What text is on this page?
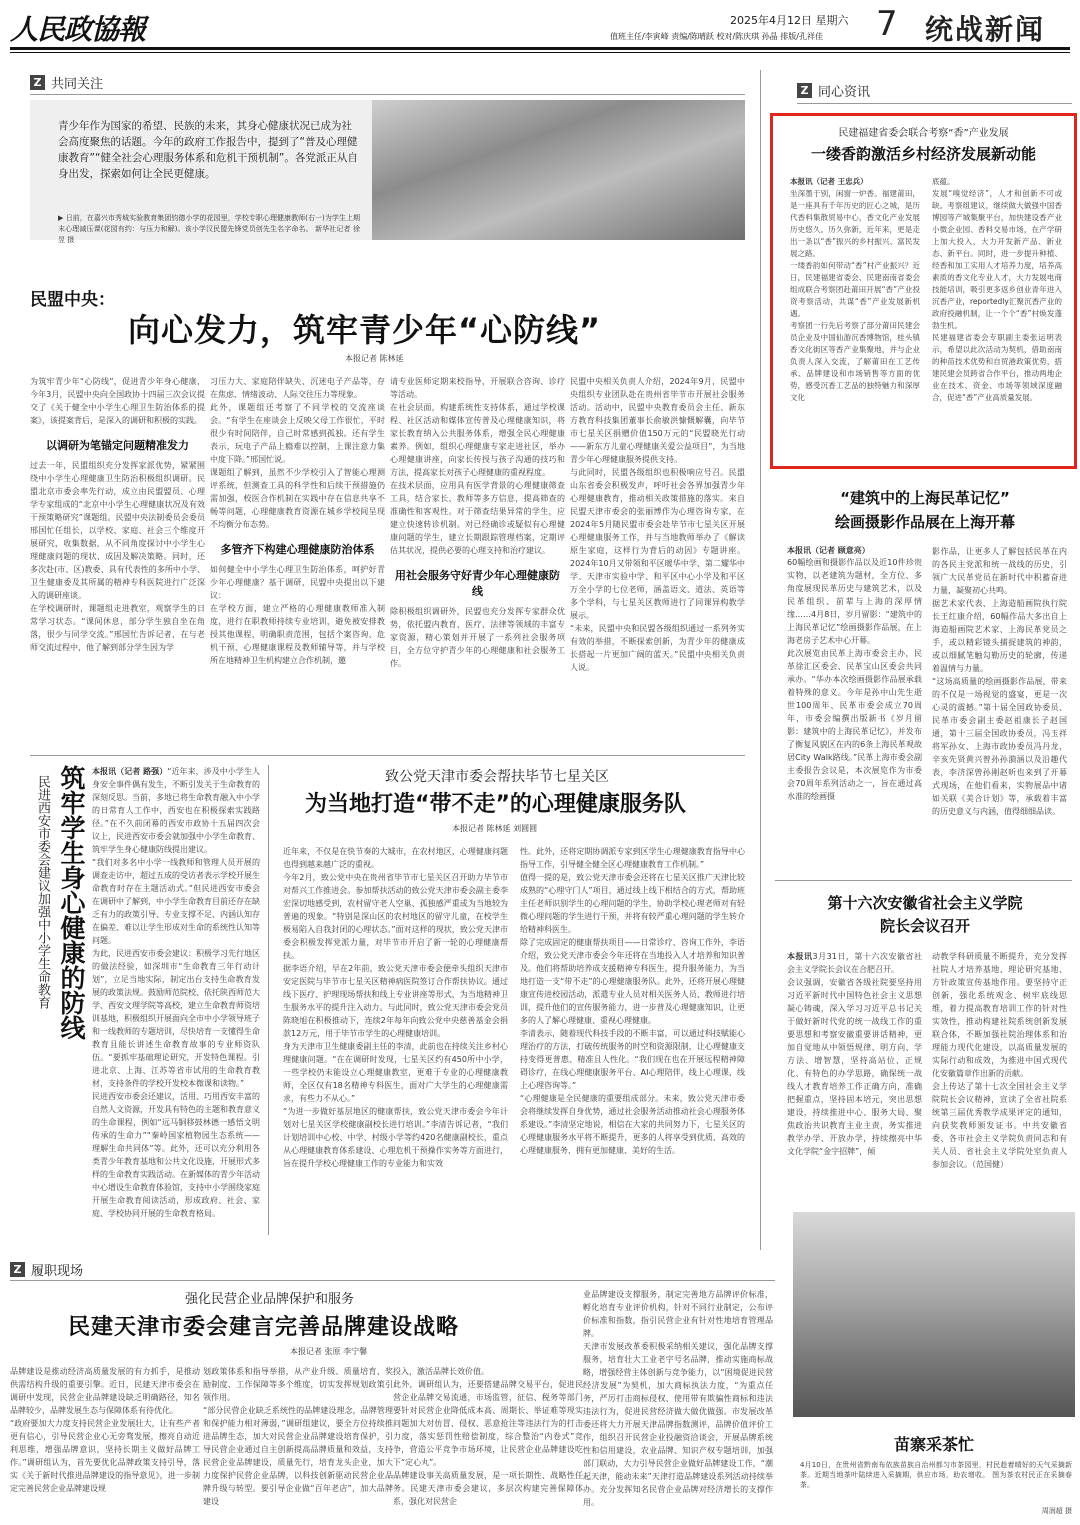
人民政協報	2025年4月12日 星期六
值班主任/李寅峰 责编/陈晴跃 校对/陈庆琪 孙晶 排版/孔祥佳 7 统战新闻
Z 共同关注
青少年作为国家的希望、民族的未来，其身心健康状况已成为社会高度聚焦的话题。今年的政府工作报告中，提到了“普及心理健康教育”“健全社会心理服务体系和危机干预机制”。各党派正从自身出发，探索如何让全民更健康。
▶ 日前，在嘉兴市秀城实验教育集团钧德小学的花园里，学校专职心理健康教师(右一)为学生上期末心理减压课(花园有约：与压力和解)。该小学汉民盟先锋党员创先生名字命名。 新华社记者 徐昱 摄
民盟中央：
向心发力，筑牢青少年“心防线”
本报记者 陈林延
为筑牢青少年“心防线”，促进青少年身心健康，今年3月，民盟中央向全国政协十四届三次会议提交了《关于健全中小学生心理卫生防治体系的提案》，该提案背后，是深入的调研和积极的实践。
以调研为笔锚定问题精准发力
过去一年，民盟组织充分发挥家派优势，紧紧围绕中小学生心理健康卫生防治积极组织调研。民盟北京市委会率先行动，成立由民盟盟员、心理学专家组成的“北京中小学生心理健康状况及有效干预策略研究”课题组。民盟中央法制委员会委员邢国忙任组长，以学校、家庭、社会三个维度开展研究，收集数据，从不同角度探讨中小学生心理健康问题的现状、成因及解决策略。同时，还多次赴(市、区)教委、具有代表性的多所中小学、卫生健康委及其所属的精神专科医院进行广泛深入的调研座谈。
在学校调研时，课题组走进教室，观察学生的日常学习状态。“课间休息，部分学生独自坐在角落，很少与同学交流。”邢国忙告诉记者，在与老师交流过程中，他了解到部分学生因为学
习压力大、家庭陪伴缺失、沉迷电子产品等，存在焦虑、情绪波动、人际交往压力等现象。
此外，课题组还考察了不同学校的交流座谈会。“有学生在座谈会上反映父母工作很忙，平时很少有时间陪伴，自己时常感到孤独。还有学生表示，玩电子产品上瘾难以控制，上课注意力集中度下降。”邢国忙说。
课题组了解到，虽然不少学校引入了智能心理测评系统，但测查工具的科学性和后续干预措施仍需加强，校医合作机制在实践中存在信息共享不畅等问题，心理健康教育资源在城乡学校间呈现不均衡分布态势。
多管齐下构建心理健康防治体系
如何健全中小学生心理卫生防治体系，呵护好青少年心理健康？基于调研，民盟中央提出以下建议：
在学校方面，建立严格的心理健康教师准入制度，进行在职教师持续专业培训，避免被安排教授其他课程，明确职责范围，包括个案咨询、危机干预、心理健康课程及教师辅导等，并与学校所在地精神卫生机构建立合作机制，邀
请专业医师定期来校指导，开展联合咨询、诊疗等活动。
在社会层面，构建系统性支持体系，通过学校课程、社区活动和媒体宣传普及心理健康知识，将家长教育纳入公共服务体系，增强全民心理健康素养。例如，组织心理健康专家走进社区，举办心理健康讲座，向家长传授与孩子沟通的技巧和方法，提高家长对孩子心理健康的重视程度。
在技术层面，应用具有医学背景的心理健康筛查工具，结合家长、教师等多方信息，提高筛查的准确性和客观性。对于筛查结果异常的学生，应建立快速转诊机制。对已经确诊或疑似有心理健康问题的学生，建立长期跟踪管理档案，定期评估其状况，提供必要的心理支持和治疗建议。
用社会服务守好青少年心理健康防线
除积极组织调研外，民盟也充分发挥专家群众优势，依托盟内教育、医疗、法律等领域的丰富专家资源，精心策划并开展了一系列社会服务项目，全方位守护青少年的心理健康和社会服务工作。
民盟中央相关负责人介绍，2024年9月，民盟中央组织专业团队赴在贵州省毕节市开展社会服务活动。活动中，民盟中央教育委员会主任、新东方教育科技集团董事长俞敏洪慷慨解囊，向毕节市七星关区捐赠价值150万元的“民盟晓光行动——新东方儿童心理健康关爱公益项目”，为当地青少年心理健康服务提供支持。
与此同时，民盟各级组织也积极响应号召。民盟山东省委会积极发声，呼吁社会各界加强青少年心理健康教育，推动相关政策措施的落实。来自民盟天津市委会的张丽博作为心理咨询专家，在2024年5月随民盟市委会赴毕节市七星关区开展心理健康服务工作，并与当地教师举办了《解读原生家庭，这样行为背后的动因》专题讲座。2024年10月又带领和平区暖华中学、第二耀华中学、天津市实验中学、和平区中心小学及和平区万全小学的七位老师，涵盖语文、道法、英语等多个学科，与七星关区教师进行了同课异构教学展示。
“未来，民盟中央和民盟各级组织通过一系列务实有效的举措，不断探索创新，为青少年的健康成长搭起一片更加广阔的蓝天。”民盟中央相关负责人说。
民进西安市委会建议加强中小学生命教育 筑牢学生身心健康的防线 本报讯（记者 路强）“近年来，涉及中小学生人身安全事件偶有发生，不断引发关于生命教育的深刻反思。当前，多地已将生命教育融入中小学的日常育人工作中，西安也在积极探索实践路径。”在不久前闭幕的西安市政协十五届四次会议上，民进西安市委会就加强中小学生命教育、筑牢学生身心健康防线提出建议。
“我们对多名中小学一线教师和管理人员开展的调查走访中，超过五成的受访者表示学校开展生命教育时存在主题活动式。”但民进西安市委会在调研中了解到，中小学生命教育目前还存在缺乏有力的政策引导、专业支撑不足、内涵认知存在偏差、难以让学生形成对生命的系统性认知等问题。
为此，民进西安市委会建议：积极学习先行地区的做法经验，如深圳市“生命教育三年行动计划”，立足当地实际，制定出台支持生命教育发展的政策法规。鼓励师范院校、依托陕西师范大学、西安文理学院等高校，建立生命教育师资培训基地，积极组织开展面向全市中小学领导班子和一线教师的专题培训，尽快培育一支懂得生命教育且能长讲述生命教育故事的专业师资队伍。“要抓牢基础理论研究，开发特色课程。引进北京、上海、江苏等省市试用的生命教育教材，支持条件的学校开发校本微课和读物。”
民进西安市委会还建议，活用、巧用西安丰富的自然人文资源，开发具有特色的主题和教育意义的生命课程，例如“远马铜移鼓林德一感悟文明传承的生命力”“秦岭国家植物园生态系统——理解生命共同体”等。此外，还可以充分利用各类青少年教育基地和公共文化设施，开展形式多样的生命教育实践活动。在新媒体的青少年活动中心增设生命教育体验馆，支持中小学围绕家庭开展生命教育阅读活动，形成政府、社会、家庭、学校协同开展的生命教育格局。
致公党天津市委会帮扶毕节七星关区
为当地打造“带不走”的心理健康服务队
本报记者 陈林延 刘圆圆
近年来，不仅是在快节奏的大城市，在农村地区，心理健康问题也得到越来越广泛的重视。
今年2月，致公党中央在贵州省毕节市七星关区召开助力毕节市对帮兴工作推进会。参加帮扶活动的致公党天津市委会副主委李宏深切地感受到，农村留守老人空巢、孤独感严重或为当地较为普遍的现象。“特别是深山区的农村地区的留守儿童，在校学生极易陷入自我封闭的心理状态。”面对这样的现状，致公党天津市委会积极发挥党派力量，对毕节市开启了新一轮的心理健康帮扶。
据李语介绍，早在2年前，致公党天津市委会便牵头组织天津市安定医院与毕节市七星关区精神病医院签订合作帮扶协议。通过线下医疗、护理现场帮扶和线上专业讲座等形式，为当地精神卫生服务水平的提升注入动力。与此同时，致公党天津市委会党员陈晓旭在积极推动下，连续2年每年向致公党中央慈善基金会捐款12万元，用于毕节市学生的心理健康培训。
身为天津市卫生健康委副主任的李清，此前也在持续关注乡村心理健康问题。“在在调研时发现，七星关区约有450所中小学，一些学校仍未能设立心理健康教室，更难于专业的心理健康教师，全区仅有18名精神专科医生，面对广大学生的心理健康需求，有些力不从心。”
“为进一步做好基层地区的健康帮扶，致公党天津市委会今年计划对七星关区学校健康副校长进行培训。”李清告诉记者，“我们计划培训中心校、中学、村级小学等约420名健康副校长，重点从心理健康教育体系建设、心理危机干预操作实务等方面进行，旨在提升学校心理健康工作的专业能力和实效
性。此外，还将定期协调派专家到区学生心理健康教育指导中心指导工作，引导健全健全区心理健康教育工作机制。”
值得一提的是，致公党天津市委会还将在七星关区推广天津比较成熟的“心理守门人”项目，通过线上线下相结合的方式，帮助班主任老师识别学生的心理问题的学生，协助学校心理老师对有轻微心理问题的学生进行干预，并将有较严重心理问题的学生转介给精神科医生。
除了完成固定的健康帮扶项目——日常诊疗、咨询工作外，李语介绍，致公党天津市委会今年还将在当地投入人才培养和知识普及。他们将帮助培养成支援精神专科医生，提升服务能力，为当地打造一支“带不走”的心理健康服务队。此外，还将开展心理健康宣传进校园活动，派遣专业人员对相关医务人员、教师进行培训，提升他们的宣传服务能力，进一步普及心理健康知识，让更多的人了解心理健康、重视心理健康。
李清表示，随着现代科技手段的不断丰富，可以通过科技赋能心理治疗的方法，打破传统服务的时空和资源限制，让心理健康支持变得更普惠、精准且人性化。“我们现在也在开展远程精神障碍诊疗，在线心理健康服务平台、AI心理陪伴，线上心理课，线上心理咨询等。”
“心理健康是全民健康的重要组成部分。未来，致公党天津市委会将继续发挥自身优势，通过社会服务活动推动社会心理服务体系建设。”李清坚定地说，相信在大家的共同努力下，七星关区的心理健康服务水平将不断提升，更多的人将享受到优质、高效的心理健康服务，拥有更加健康、美好的生活。
Z 履职现场
强化民营企业品牌保护和服务
民建天津市委会建言完善品牌建设战略
本报记者 张原 李宁馨
品牌建设是推动经济高质量发展的有力抓手，是推动供需结构升级的重要引擎。近日，民建天津市委会在调研中发现，民营企业品牌建设缺乏明确路径，知名品牌较少，品牌发展生态与保障体系有待优化。
“政府要加大力度支持民营企业发展壮大，让有些产者更有信心，引导民营企业心无旁骛发展，擦亮自动近利思维，增强品牌意识，坚持长期主义做好品牌工作。”调研组认为，首先要优化品牌政策支持引导，落实《关于新时代推进品牌建设的指导意见》，进一步制定完善民营企业品牌建设规
划政策体系和指导举措，从产业升级、质量培育、奖励制度、工作保障等多个维度，切实发挥规划政策引领作用。
“部分民营企业缺乏系统性的品牌建设理念，品牌管理和保护能力相对薄弱，”调研组建议，要全方位持续推进品牌生态，加大对民营企业品牌建设培育保护，引导民营企业通过自主创新提高品牌质量和效益，支持民营企业品牌建设，质量先行，培育龙头企业，加大力度保护民营企业品牌，以科技创新驱动民营企业品牌升级与转型。要引导企业做“百年老店”，加大品牌建设
投入，激活品牌长效价值。
此外，调研组认为，还要搭建品牌交易平台，促进民营企业品牌交易流通，市场监管，征信、税务等部门要针对民营企业降低成本高、周期长、举证难等现实问题加大对仿冒、侵权、恶意抢注等违法行为的打击力度，落实惩罚性赔偿制度，综合整治“内卷式”竞争，营造公平竞争市场环境，让民营企业品牌建设吃下“定心丸”。
品牌建设事关高质量发展，是一项长期性、战略性任务。民建天津市委会建议，多层次构建完善保障体系，强化对民营企
业品牌建设支撑服务，制定完善地方品牌评价标准，孵化培育专业评价机构，针对不同行业制定，公布评价标准和指数，指引民营企业有针对性地培育管理品牌。
天津市发展改革委积极采纳相关建议，强化品牌支撑服务，培育壮大工业老字号名品牌，推动实施商标战略，增强经营主体创新与竞争能力，以“困境促进民营经济发展”为契机，加大商标执法力度，“为重点任务，严厉打击商标侵权、使用带有欺骗性商标和违法违法行为，促进民营经济做大做优做强。市发展改革委还将大力开展天津品牌指数测评，品牌价值评价工作，组织召开民营企业投融资洽谈会，开展品牌系统性和信用建设，农业品牌、知识产权专题培训，加强部门联动，大力引导民营企业做好品牌建设工作，“潮起天津，能动未来”天津打造品牌建设系列活动持续举办。充分发挥知名民营企业品牌对经济增长的支撑作用。
Z 同心资讯
民建福建省委会联合考察“香”产业发展
一缕香韵激活乡村经济发展新动能
本报讯（记者 王忠兵）
坐深墨于别，闲窗一炉香。福建莆田，是一座具有千年历史的匠心之城，是历代香料集散贸易中心，香文化产业发展历史悠久。历久弥新，近年来，更是走出一条以“香”振兴的乡村振兴、富民发展之路。
一缕香韵如何带动“香”村产业振兴？近日，民建福建省委会、民建南南省委会组成联合考察团赴莆田开展“香”产业投资考察活动，共谋“香”产业发展新机遇。
考察团一行先后考察了部分莆田民建会员企业及中国仙游沉香博物馆，桂头镇香文化街区等香产业集聚地，并与企业负责人深入交流，了解莆田在工艺传承、品牌建设和市场销售等方面的优势，感受沉香工艺品的独特魅力和深厚文化
底蕴。
发展“嗅觉经济”，人才和创新不可或缺。考察组建议，继续做大做强中国香博园等产城集聚平台，加快建设香产业小微企业园、香料交易市场，在产学研上加大投入，大力开发新产品、新业态、新平台。同时，进一步提升种植、经香和加工实用人才培养力度，培养高素质的香文化专业人才，大力发展电商技能培训，吸引更多返乡创业青年进入沉香产业，reportedly汇聚沉香产业的政府投融机制，让一个个“香”村焕发蓬勃生机。
民建福建省委会专职副主委张运明表示，希望以此次活动为契机，借助南南的种苗技术优势和自贸港政策优势，搭建民建会员跨省合作平台，推动两地企业在技术、资金、市场等领域深度融合，促进“香”产业高质量发展。
“建筑中的上海民革记忆”
绘画摄影作品展在上海开幕
本报讯（记者 顾意亮）
60幅绘画和摄影作品以及近10件珍贵实物，以老建筑为题材，全方位、多角度展现民革历史与建筑艺术，以及民革组织、前辈与上海的深厚情缘……4月8日，岁月留影：“建筑中的上海民革记忆”绘画摄影作品展，在上海老房子艺术中心开幕。
此次展览由民革上海市委会主办，民革徐汇区委会、民革宝山区委会共同承办。“华办本次绘画摄影作品展承载着特殊的意义。今年是孙中山先生逝世100周年、民革市委会成立70周年，市委会编撰出版新书《岁月留影：建筑中的上海民革记忆》，并发布了衡复风貌区在内的6条上海民革观故居City Walk路线。”民革上海市委会副主委报告会议是，本次展览作为市委会70周年系列活动之一，旨在通过高水准的绘画摄
影作品，让更多人了解包括民革在内的各民主党派和统一战线的历史，引领广大民革党员在新时代中积蓄奋进力量，凝聚初心共鸣。
据艺术家代表、上海造船画院执行院长王红康介绍，60幅作品大多出自上海造船画院艺术家、上海民革党员之手，或以精彩镜头捕捉建筑的神韵，或以细腻笔触勾勒历史的轮廓，传递着温情与力量。
“这场高质量的绘画摄影作品展，带来的不仅是一场视觉的盛宴，更是一次心灵的震撼。”第十届全国政协委员、民革市委会副主委赵祖康长子赵国通，第十三届全国政协委员，冯玉祥将军孙女、上海市政协委员冯丹龙，辛亥先贤黄兴曾孙孙漪涵以及沿趣代表，李济深曾孙刚赵昕也来到了开幕式现场，在他们看来，实物展品中诸如关联《美合计划》等，承载着丰富的历史意义与内涵，值得细细品读。
第十六次安徽省社会主义学院
院长会议召开
本报讯3月31日，第十六次安徽省社会主义学院长会议在合肥召开。
会议强调，安徽省各级社院要坚持用习近平新时代中国特色社会主义思想凝心铸魂，深入学习习近平总书记关于做好新时代党的统一战线工作的重要思想和考察安徽重要讲话精神，更加自觉地从中领悟规律、明方向、学方法、增智慧，坚持高站位、正规化、有特色的办学思路，确保统一战线人才教育培养工作正确方向，准确把握重点，坚持固本培元，突出思想建设，持续推进中心、服务大局、聚焦政治共识教育主业主责，务实推进教学办学、开放办学，持续擦亮中华文化学院“金字招牌”，倾
动教学科研质量不断提升，充分发挥社院人才培养基地、理论研究基地、方针政策宣传基地作用。要坚持守正创新，强化系统观念、树牢底线思维，着力提高教育培训工作的针对性实效性，推动构建社院系统创新发展联合体，不断加强社院治理体系和治理能力现代化建设，以高质量发展的实际行动和成效，为推进中国式现代化安徽篇章作出新的贡献。
会上传达了第十七次全国社会主义学院院长会议精神，宣读了全省社院系统第三届优秀教学成果评定的通知，向获奖教师颁发证书。中共安徽省委、各市社会主义学院负责同志和有关人员、省社会主义学院处室负责人参加会议。（范国健）
苗寨采茶忙
4月10日，在贵州省黔南布依族苗族自治州都匀市茶园里，村民趁着晴好的天气采摘新茶。近期当地茶叶陆续进入采摘期，供应市场，助农增收。 图为茶农村民正在采摘春茶。
周润超 摄
